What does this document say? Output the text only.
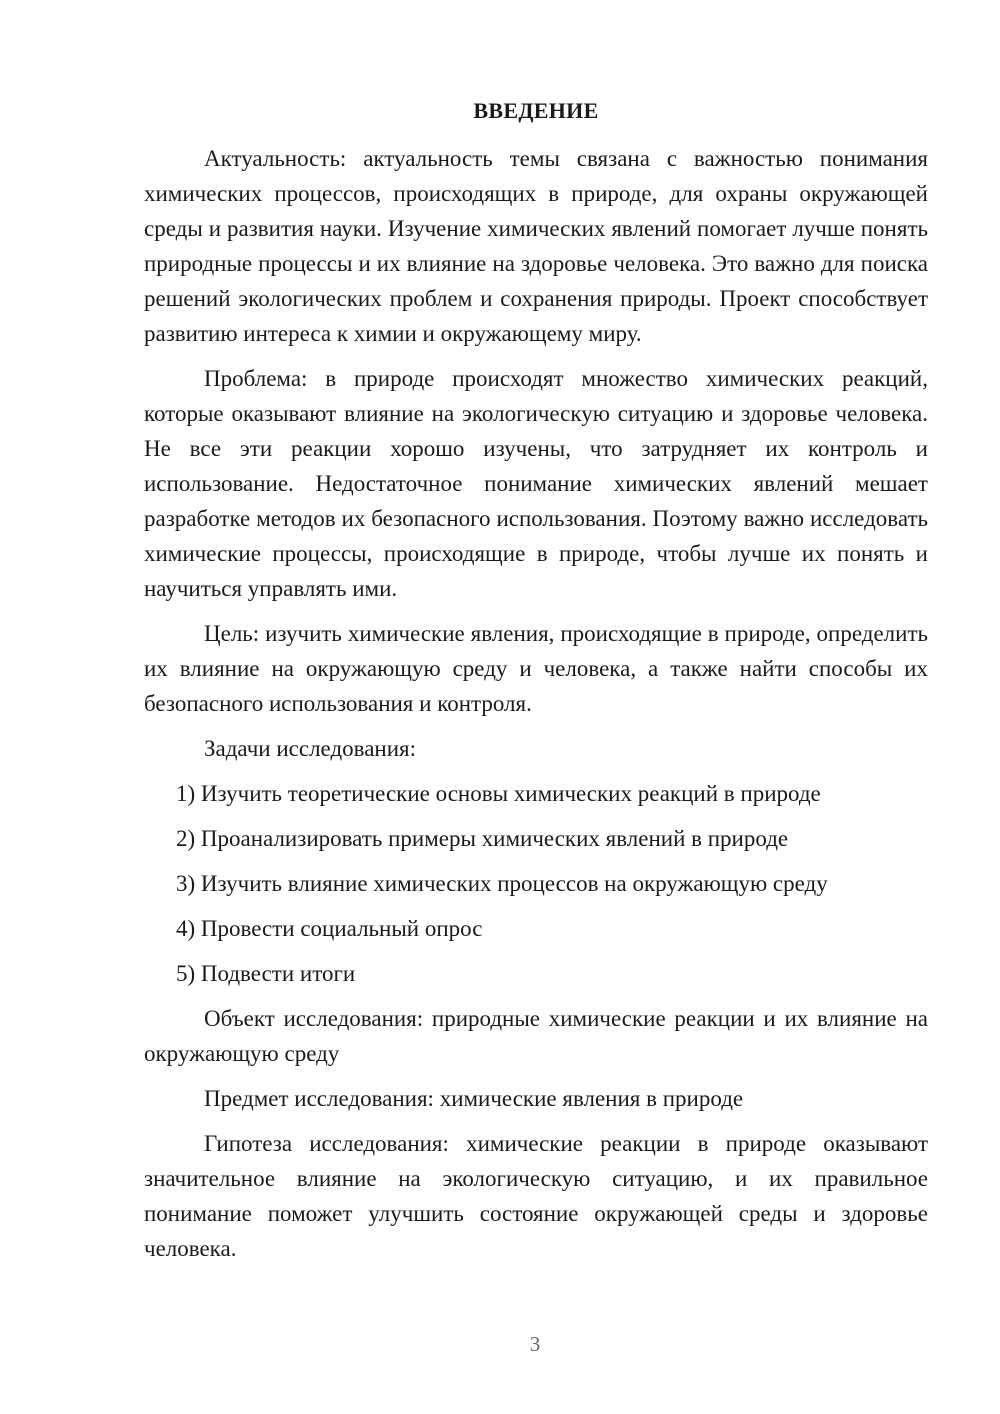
ВВЕДЕНИЕ

Актуальность: актуальность темы связана с важностью понимания химических процессов, происходящих в природе, для охраны окружающей среды и развития науки. Изучение химических явлений помогает лучше понять природные процессы и их влияние на здоровье человека. Это важно для поиска решений экологических проблем и сохранения природы. Проект способствует развитию интереса к химии и окружающему миру.

Проблема: в природе происходят множество химических реакций, которые оказывают влияние на экологическую ситуацию и здоровье человека. Не все эти реакции хорошо изучены, что затрудняет их контроль и использование. Недостаточное понимание химических явлений мешает разработке методов их безопасного использования. Поэтому важно исследовать химические процессы, происходящие в природе, чтобы лучше их понять и научиться управлять ими.

Цель: изучить химические явления, происходящие в природе, определить их влияние на окружающую среду и человека, а также найти способы их безопасного использования и контроля.

Задачи исследования:

1) Изучить теоретические основы химических реакций в природе
2) Проанализировать примеры химических явлений в природе
3) Изучить влияние химических процессов на окружающую среду
4) Провести социальный опрос
5) Подвести итоги

Объект исследования: природные химические реакции и их влияние на окружающую среду

Предмет исследования: химические явления в природе

Гипотеза исследования: химические реакции в природе оказывают значительное влияние на экологическую ситуацию, и их правильное понимание поможет улучшить состояние окружающей среды и здоровье человека.

3
